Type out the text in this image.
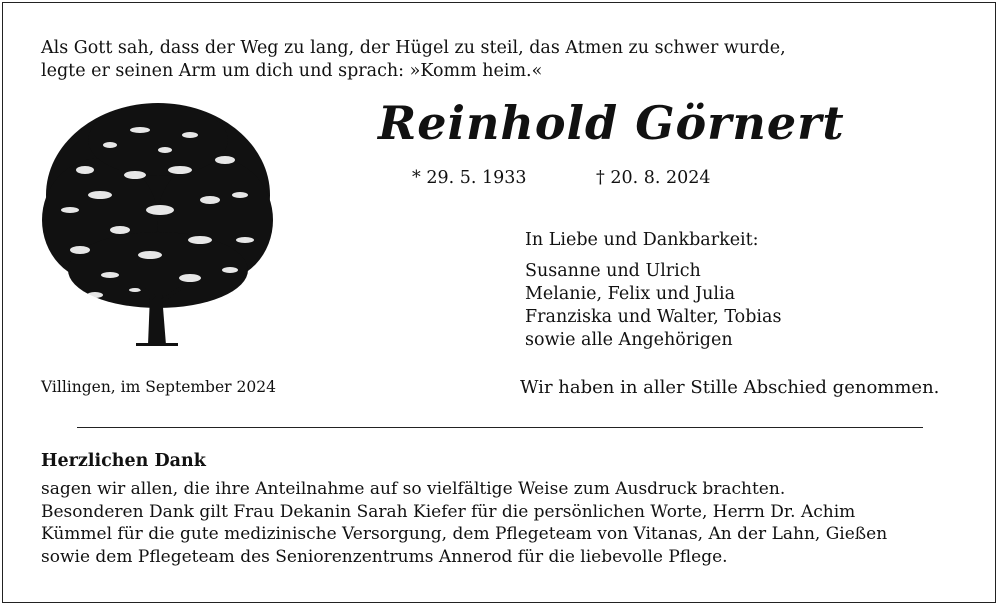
Als Gott sah, dass der Weg zu lang, der Hügel zu steil, das Atmen zu schwer wurde,
legte er seinen Arm um dich und sprach: »Komm heim.«
Reinhold Görnert
* 29. 5. 1933	† 20. 8. 2024
In Liebe und Dankbarkeit:
Susanne und Ulrich
Melanie, Felix und Julia
Franziska und Walter, Tobias
sowie alle Angehörigen
Villingen, im September 2024	Wir haben in aller Stille Abschied genommen.
Herzlichen Dank
sagen wir allen, die ihre Anteilnahme auf so vielfältige Weise zum Ausdruck brachten.
Besonderen Dank gilt Frau Dekanin Sarah Kiefer für die persönlichen Worte, Herrn Dr. Achim
Kümmel für die gute medizinische Versorgung, dem Pflegeteam von Vitanas, An der Lahn, Gießen
sowie dem Pflegeteam des Seniorenzentrums Annerod für die liebevolle Pflege.
